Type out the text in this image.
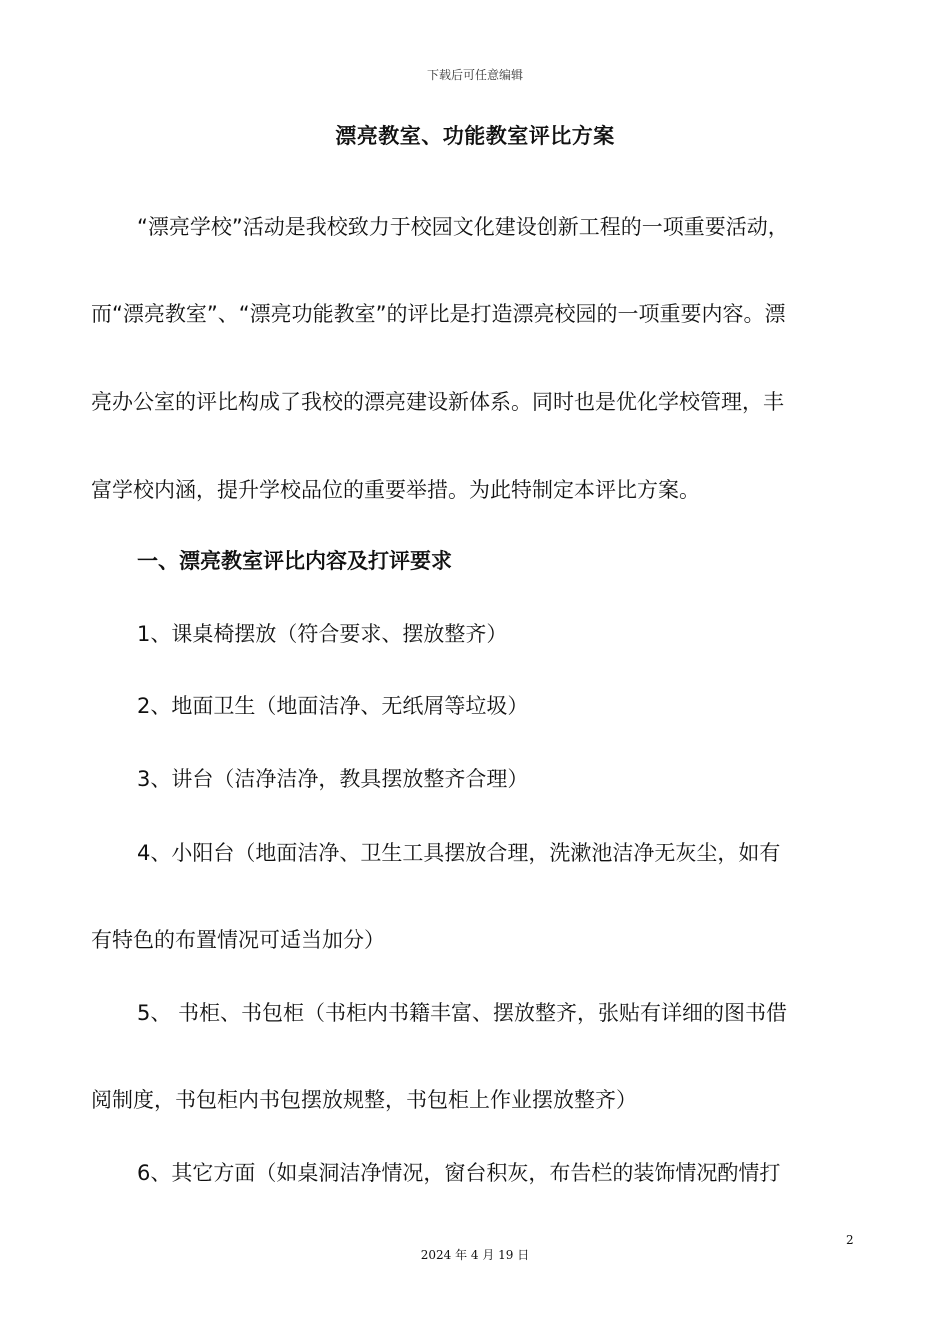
下载后可任意编辑
漂亮教室、功能教室评比方案
“漂亮学校”活动是我校致力于校园文化建设创新工程的一项重要活动，
而“漂亮教室”、“漂亮功能教室”的评比是打造漂亮校园的一项重要内容。漂
亮办公室的评比构成了我校的漂亮建设新体系。同时也是优化学校管理，丰
富学校内涵，提升学校品位的重要举措。为此特制定本评比方案。
一、漂亮教室评比内容及打评要求
1、课桌椅摆放（符合要求、摆放整齐）
2、地面卫生（地面洁净、无纸屑等垃圾）
3、讲台（洁净洁净，教具摆放整齐合理）
4、小阳台（地面洁净、卫生工具摆放合理，洗漱池洁净无灰尘，如有
有特色的布置情况可适当加分）
5、 书柜、书包柜（书柜内书籍丰富、摆放整齐，张贴有详细的图书借
阅制度，书包柜内书包摆放规整，书包柜上作业摆放整齐）
6、其它方面（如桌洞洁净情况，窗台积灰，布告栏的装饰情况酌情打
2
2024 年 4 月 19 日
